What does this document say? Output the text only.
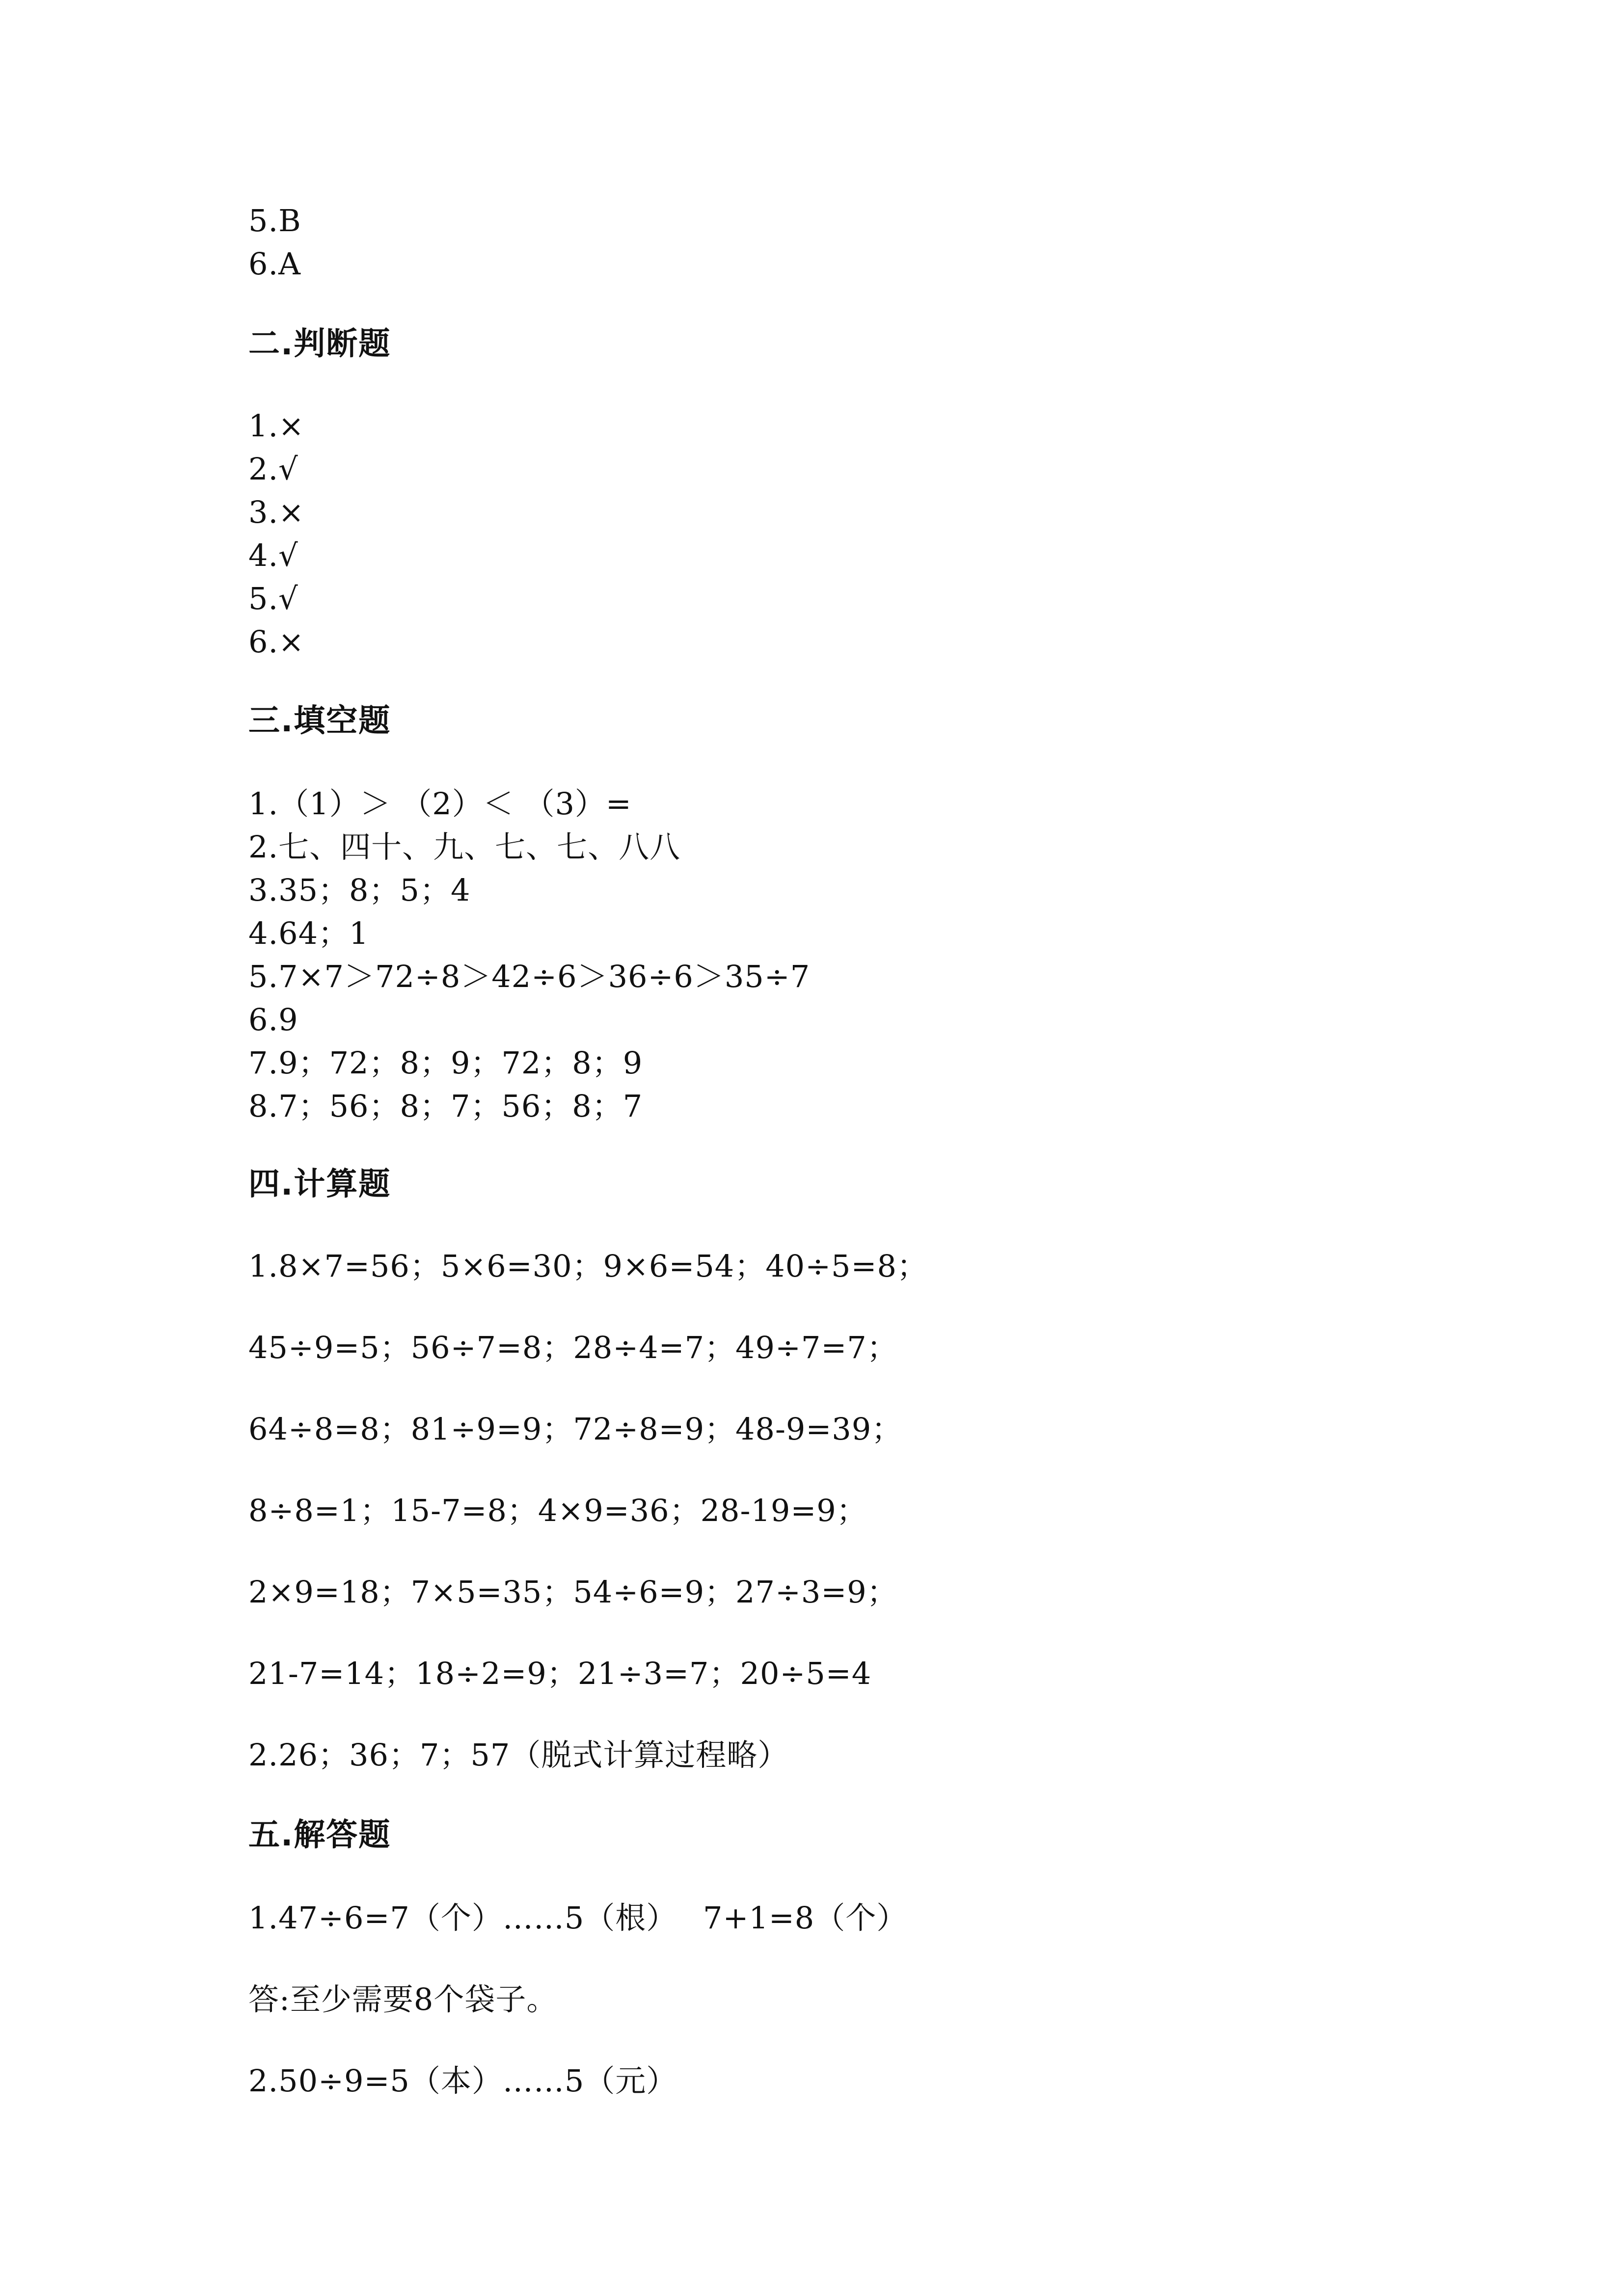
5.B
6.A
二.判断题
1.×
2.√
3.×
4.√
5.√
6.×
三.填空题
1.（1）＞ （2）＜ （3）=
2.七、四十、九、七、七、八八
3.35；8；5；4
4.64；1
5.7×7＞72÷8＞42÷6＞36÷6＞35÷7
6.9
7.9；72；8；9；72；8；9
8.7；56；8；7；56；8；7
四.计算题
1.8×7=56；5×6=30；9×6=54；40÷5=8；
45÷9=5；56÷7=8；28÷4=7；49÷7=7；
64÷8=8；81÷9=9；72÷8=9；48-9=39；
8÷8=1；15-7=8；4×9=36；28-19=9；
2×9=18；7×5=35；54÷6=9；27÷3=9；
21-7=14；18÷2=9；21÷3=7；20÷5=4
2.26；36；7；57（脱式计算过程略）
五.解答题
1.47÷6=7（个）……5（根）　 7+1=8（个）
答:至少需要8个袋子。
2.50÷9=5（本）……5（元）
